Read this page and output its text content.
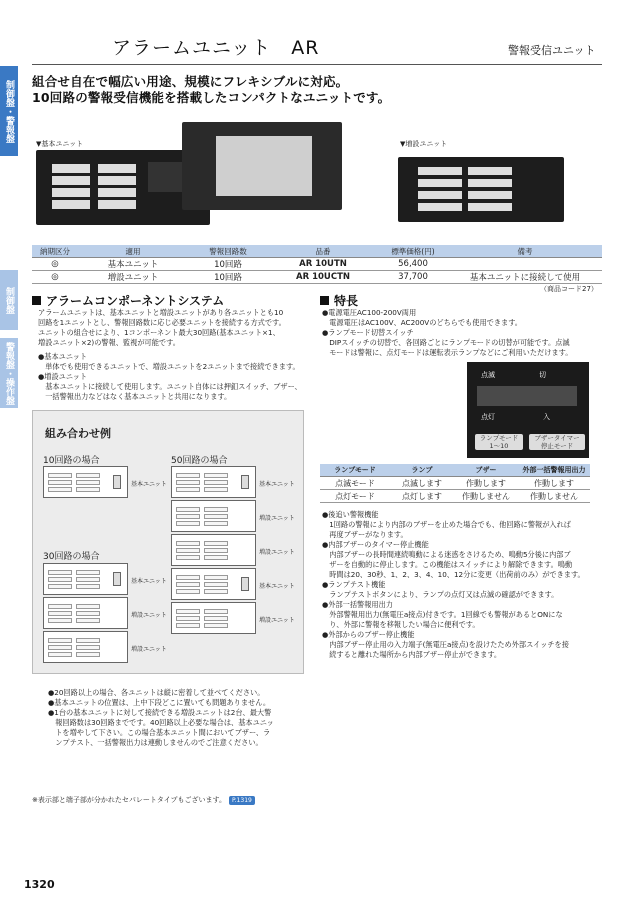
制御盤・警報盤
制御盤
警報盤・操作盤
アラームユニット　AR	警報受信ユニット
組合せ自在で幅広い用途、規模にフレキシブルに対応。
10回路の警報受信機能を搭載したコンパクトなユニットです。
▼基本ユニット	▼増設ユニット
納期区分	適用	警報回路数	品番	標準価格(円)	備考
◎	基本ユニット	10回路	AR 10UTN	56,400	
◎	増設ユニット	10回路	AR 10UCTN	37,700	基本ユニットに接続して使用
（商品コード27）
アラームコンポーネントシステム
アラームユニットは、基本ユニットと増設ユニットがあり各ユニットとも10
回路を1ユニットとし、警報回路数に応じ必要ユニットを接続する方式です。
ユニットの組合せにより、1コンポーネント最大30回路(基本ユニット×1、
増設ユニット×2)の警報、監視が可能です。
●基本ユニット
　単体でも使用できるユニットで、増設ユニットを2ユニットまで接続できます。
●増設ユニット
　基本ユニットに接続して使用します。ユニット自体には押釦スイッチ、ブザー、
　一括警報出力などはなく基本ユニットと共用になります。
組み合わせ例
10回路の場合
基本ユニット
50回路の場合
基本ユニット
増設ユニット
増設ユニット
基本ユニット
増設ユニット
30回路の場合
基本ユニット
増設ユニット
増設ユニット
●20回路以上の場合、各ユニットは縦に密着して並べてください。
●基本ユニットの位置は、上中下段どこに置いても問題ありません。
●1台の基本ユニットに対して接続できる増設ユニットは2台、最大警
　報回路数は30回路までです。40回路以上必要な場合は、基本ユニッ
　トを増やして下さい。この場合基本ユニット間においてブザー、ラ
　ンプテスト、一括警報出力は連動しませんのでご注意ください。
特長
●電源電圧AC100-200V両用
　電源電圧はAC100V、AC200Vのどちらでも使用できます。
●ランプモード切替スイッチ
　DIPスイッチの切替で、各回路ごとにランプモードの切替が可能です。点滅
　モードは警報に、点灯モードは運転表示ランプなどにご利用いただけます。
点滅	切
点灯	入
ランプモード
1～10
ブザータイマー
停止モード
ランプモード	ランプ	ブザー	外部一括警報用出力
点滅モード	点滅します	作動します	作動します
点灯モード	点灯します	作動しません	作動しません
●後追い警報機能
　1回路の警報により内部のブザーを止めた場合でも、他回路に警報が入れば
　再度ブザーがなります。
●内部ブザーのタイマー停止機能
　内部ブザーの長時間連続鳴動による迷惑をさけるため、鳴動5分後に内部ブ
　ザーを自動的に停止します。この機能はスイッチにより解除できます。鳴動
　時間は20、30秒、1、2、3、4、10、12分に変更（出荷前のみ）ができます。
●ランプテスト機能
　ランプテストボタンにより、ランプの点灯又は点滅の確認ができます。
●外部一括警報用出力
　外部警報用出力(無電圧a接点)付きです。1回線でも警報があるとONにな
　り、外部に警報を移報したい場合に便利です。
●外部からのブザー停止機能
　内部ブザー停止用の入力端子(無電圧a接点)を設けたため外部スイッチを接
　続すると離れた場所から内部ブザー停止ができます。
※表示部と端子部が分かれたセパレートタイプもございます。 P.1319
1320
